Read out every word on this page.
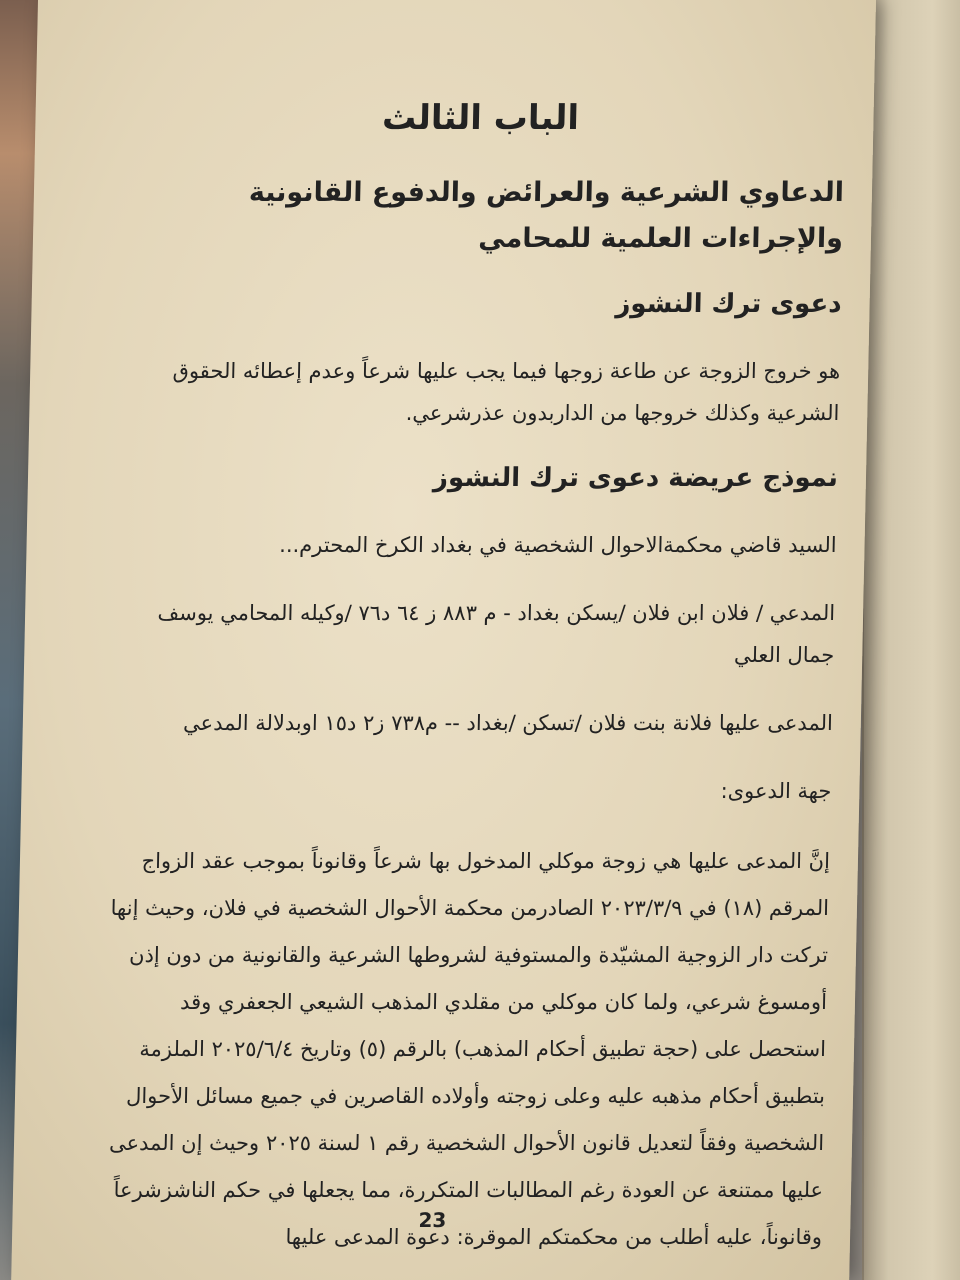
الباب الثالث
الدعاوي الشرعية والعرائض والدفوع القانونية والإجراءات العلمية للمحامي
دعوى ترك النشوز
هو خروج الزوجة عن طاعة زوجها فيما يجب عليها شرعاً وعدم إعطائه الحقوق الشرعية وكذلك خروجها من الداربدون عذرشرعي.
نموذج عريضة دعوى ترك النشوز
السيد قاضي محكمةالاحوال الشخصية في بغداد الكرخ المحترم...
المدعي / فلان ابن فلان /يسكن بغداد - م ٨٨٣ ز ٦٤ د٧٦ /وكيله المحامي يوسف جمال العلي
المدعى عليها فلانة بنت فلان /تسكن /بغداد -- م٧٣٨ ز٢ د١٥ اوبدلالة المدعي
جهة الدعوى:
إنَّ المدعى عليها هي زوجة موكلي المدخول بها شرعاً وقانوناً بموجب عقد الزواج المرقم (١٨) في ٢٠٢٣/٣/٩ الصادرمن محكمة الأحوال الشخصية في فلان، وحيث إنها تركت دار الزوجية المشيّدة والمستوفية لشروطها الشرعية والقانونية من دون إذن أومسوغ شرعي، ولما كان موكلي من مقلدي المذهب الشيعي الجعفري وقد استحصل على (حجة تطبيق أحكام المذهب) بالرقم (٥) وتاريخ ٢٠٢٥/٦/٤ الملزمة بتطبيق أحكام مذهبه عليه وعلى زوجته وأولاده القاصرين في جميع مسائل الأحوال الشخصية وفقاً لتعديل قانون الأحوال الشخصية رقم ١ لسنة ٢٠٢٥ وحيث إن المدعى عليها ممتنعة عن العودة رغم المطالبات المتكررة، مما يجعلها في حكم الناشزشرعاً وقانوناً، عليه أطلب من محكمتكم الموقرة: دعوة المدعى عليها
23
